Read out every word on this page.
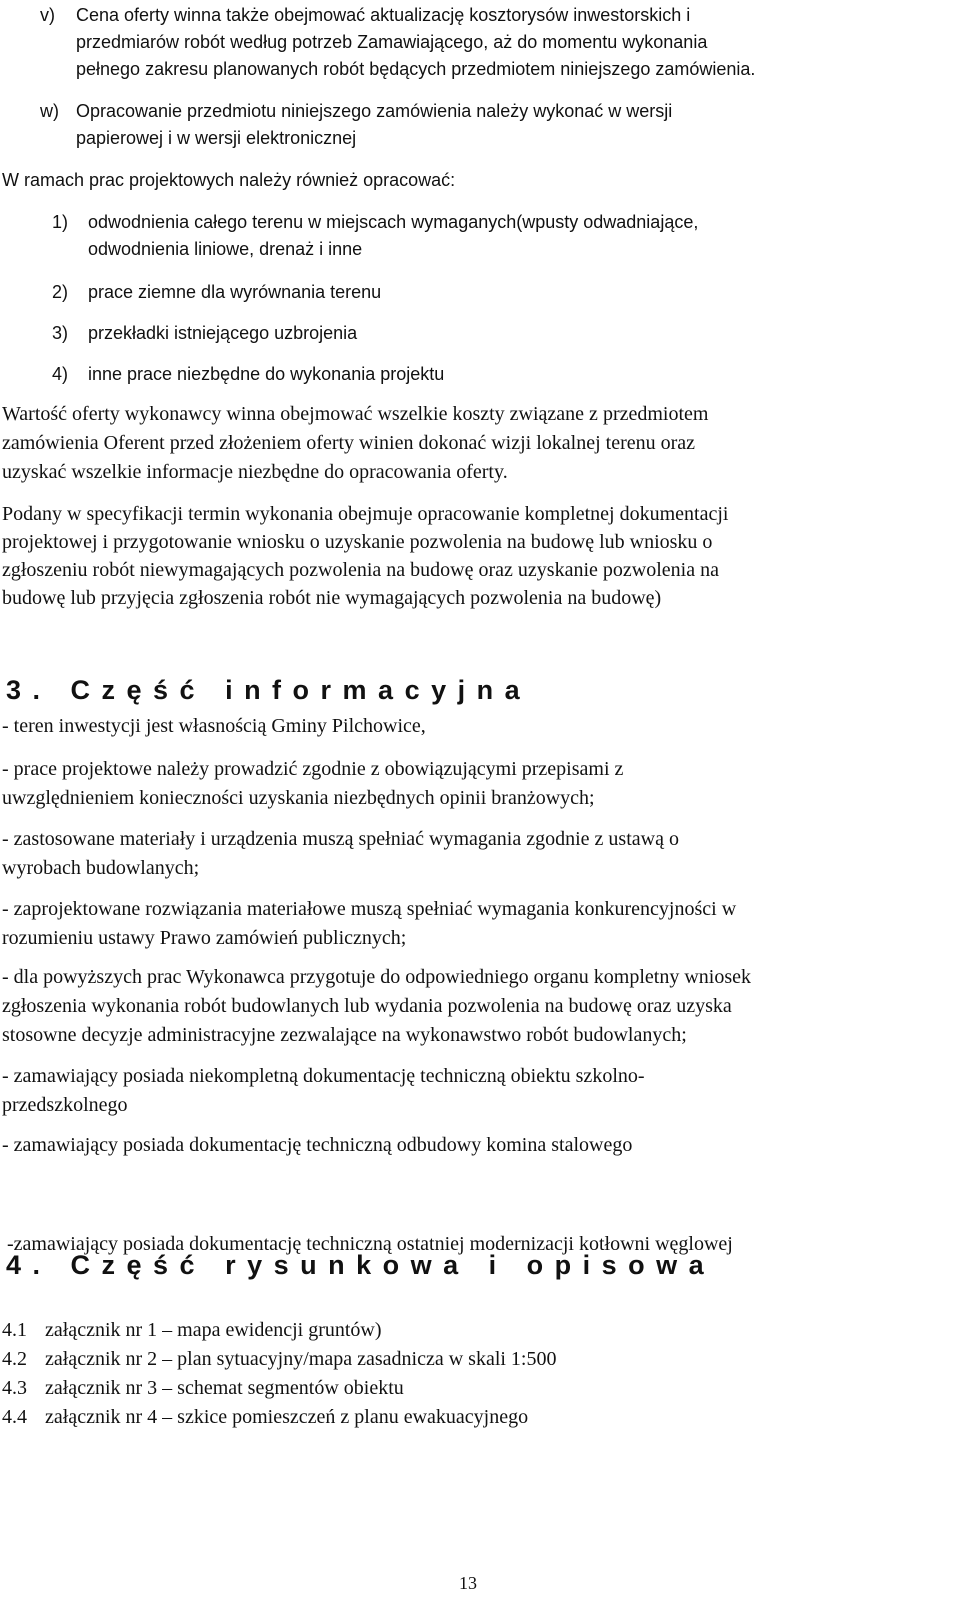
v) Cena oferty winna także obejmować aktualizację kosztorysów inwestorskich i
przedmiarów robót według potrzeb Zamawiającego, aż do momentu wykonania
pełnego zakresu planowanych robót będących przedmiotem niniejszego zamówienia.
w) Opracowanie przedmiotu niniejszego zamówienia należy wykonać w wersji
papierowej i w wersji elektronicznej

W ramach prac projektowych należy również opracować:

1) odwodnienia całego terenu w miejscach wymaganych(wpusty odwadniające,
odwodnienia liniowe, drenaż i inne
2) prace ziemne dla wyrównania terenu
3) przekładki istniejącego uzbrojenia
4) inne prace niezbędne do wykonania projektu
Wartość oferty wykonawcy winna obejmować wszelkie koszty związane z przedmiotem
zamówienia Oferent przed złożeniem oferty winien dokonać wizji lokalnej terenu oraz
uzyskać wszelkie informacje niezbędne do opracowania oferty.
Podany w specyfikacji termin wykonania obejmuje opracowanie kompletnej dokumentacji
projektowej i przygotowanie wniosku o uzyskanie pozwolenia na budowę lub wniosku o
zgłoszeniu robót niewymagających pozwolenia na budowę oraz uzyskanie pozwolenia na
budowę lub przyjęcia zgłoszenia robót nie wymagających pozwolenia na budowę)
3. Część informacyjna
- teren inwestycji jest własnością Gminy Pilchowice,
- prace projektowe należy prowadzić zgodnie z obowiązującymi przepisami z
uwzględnieniem konieczności uzyskania niezbędnych opinii branżowych;
- zastosowane materiały i urządzenia muszą spełniać wymagania zgodnie z ustawą o
wyrobach budowlanych;
- zaprojektowane rozwiązania materiałowe muszą spełniać wymagania konkurencyjności w
rozumieniu ustawy Prawo zamówień publicznych;
- dla powyższych prac Wykonawca przygotuje do odpowiedniego organu kompletny wniosek
zgłoszenia wykonania robót budowlanych lub wydania pozwolenia na budowę oraz uzyska
stosowne decyzje administracyjne zezwalające na wykonawstwo robót budowlanych;
- zamawiający posiada niekompletną dokumentację techniczną obiektu szkolno-
przedszkolnego
- zamawiający posiada dokumentację techniczną odbudowy komina stalowego

-zamawiający posiada dokumentację techniczną ostatniej modernizacji kotłowni węglowej

4. Część rysunkowa i opisowa

4.1 załącznik nr 1 – mapa ewidencji gruntów)

4.2 załącznik nr 2 – plan sytuacyjny/mapa zasadnicza w skali 1:500

4.3 załącznik nr 3 – schemat segmentów obiektu

4.4 załącznik nr 4 – szkice pomieszczeń z planu ewakuacyjnego

13
